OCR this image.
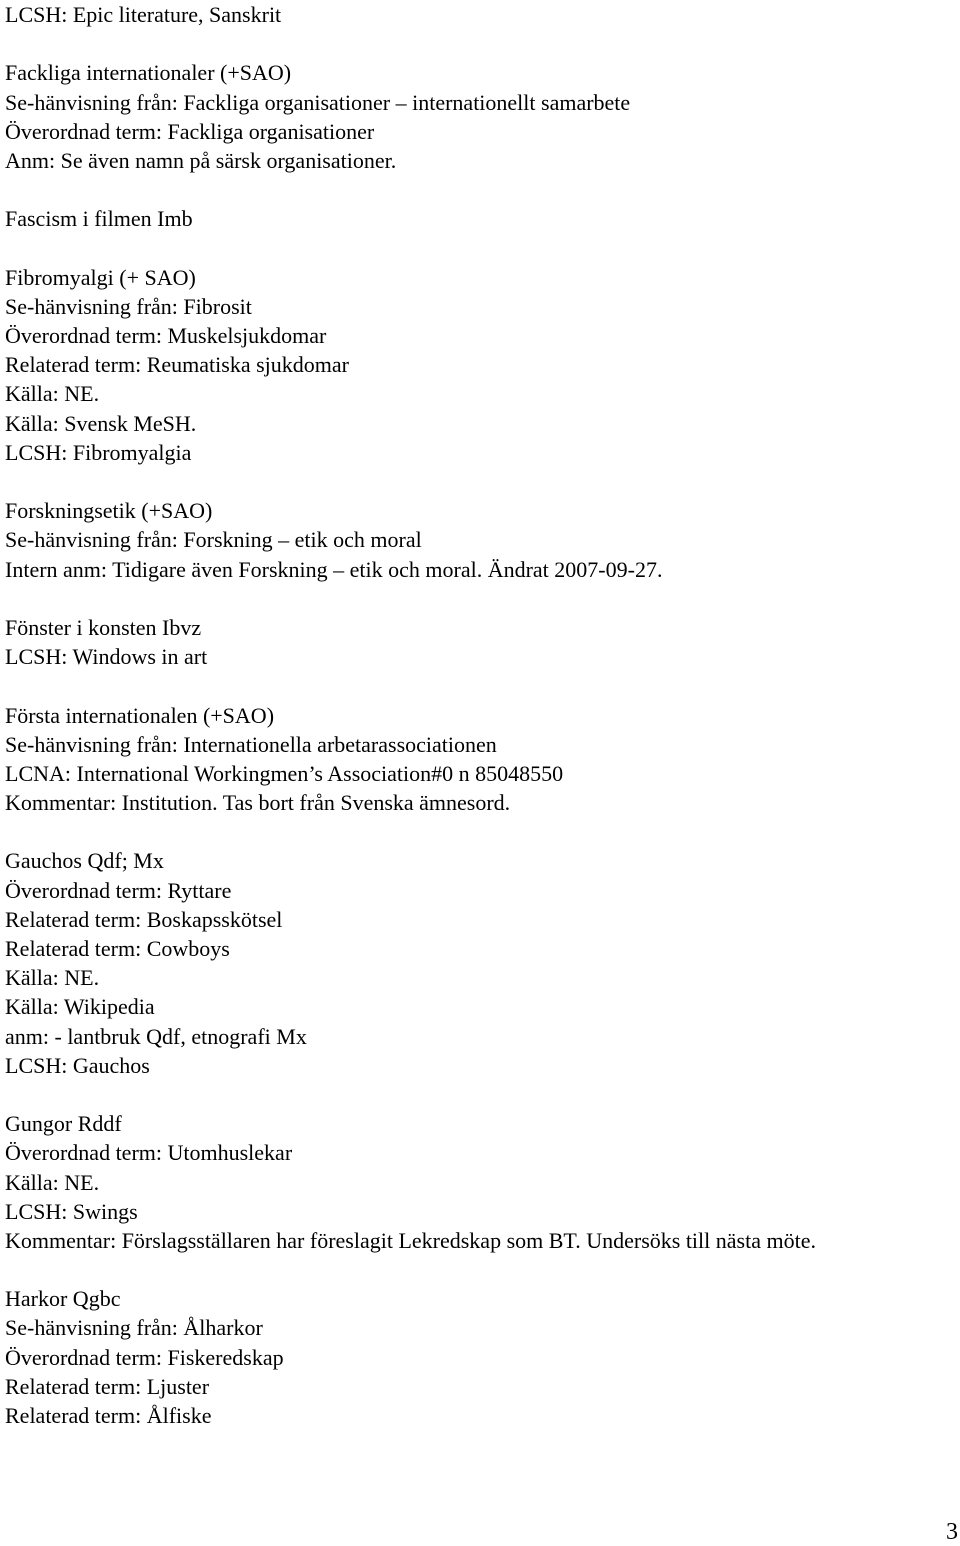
LCSH: Epic literature, Sanskrit
Fackliga internationaler (+SAO)
Se-hänvisning från: Fackliga organisationer – internationellt samarbete
Överordnad term: Fackliga organisationer
Anm: Se även namn på särsk organisationer.
Fascism i filmen Imb
Fibromyalgi (+ SAO)
Se-hänvisning från: Fibrosit
Överordnad term: Muskelsjukdomar
Relaterad term: Reumatiska sjukdomar
Källa: NE.
Källa: Svensk MeSH.
LCSH: Fibromyalgia
Forskningsetik (+SAO)
Se-hänvisning från: Forskning – etik och moral
Intern anm: Tidigare även Forskning – etik och moral. Ändrat 2007-09-27.
Fönster i konsten Ibvz
LCSH: Windows in art
Första internationalen (+SAO)
Se-hänvisning från: Internationella arbetarassociationen
LCNA: International Workingmen’s Association#0 n 85048550
Kommentar: Institution. Tas bort från Svenska ämnesord.
Gauchos Qdf; Mx
Överordnad term: Ryttare
Relaterad term: Boskapsskötsel
Relaterad term: Cowboys
Källa: NE.
Källa: Wikipedia
anm: - lantbruk Qdf, etnografi Mx
LCSH: Gauchos
Gungor Rddf
Överordnad term: Utomhuslekar
Källa: NE.
LCSH: Swings
Kommentar: Förslagsställaren har föreslagit Lekredskap som BT. Undersöks till nästa möte.
Harkor Qgbc
Se-hänvisning från: Ålharkor
Överordnad term: Fiskeredskap
Relaterad term: Ljuster
Relaterad term: Ålfiske
3
